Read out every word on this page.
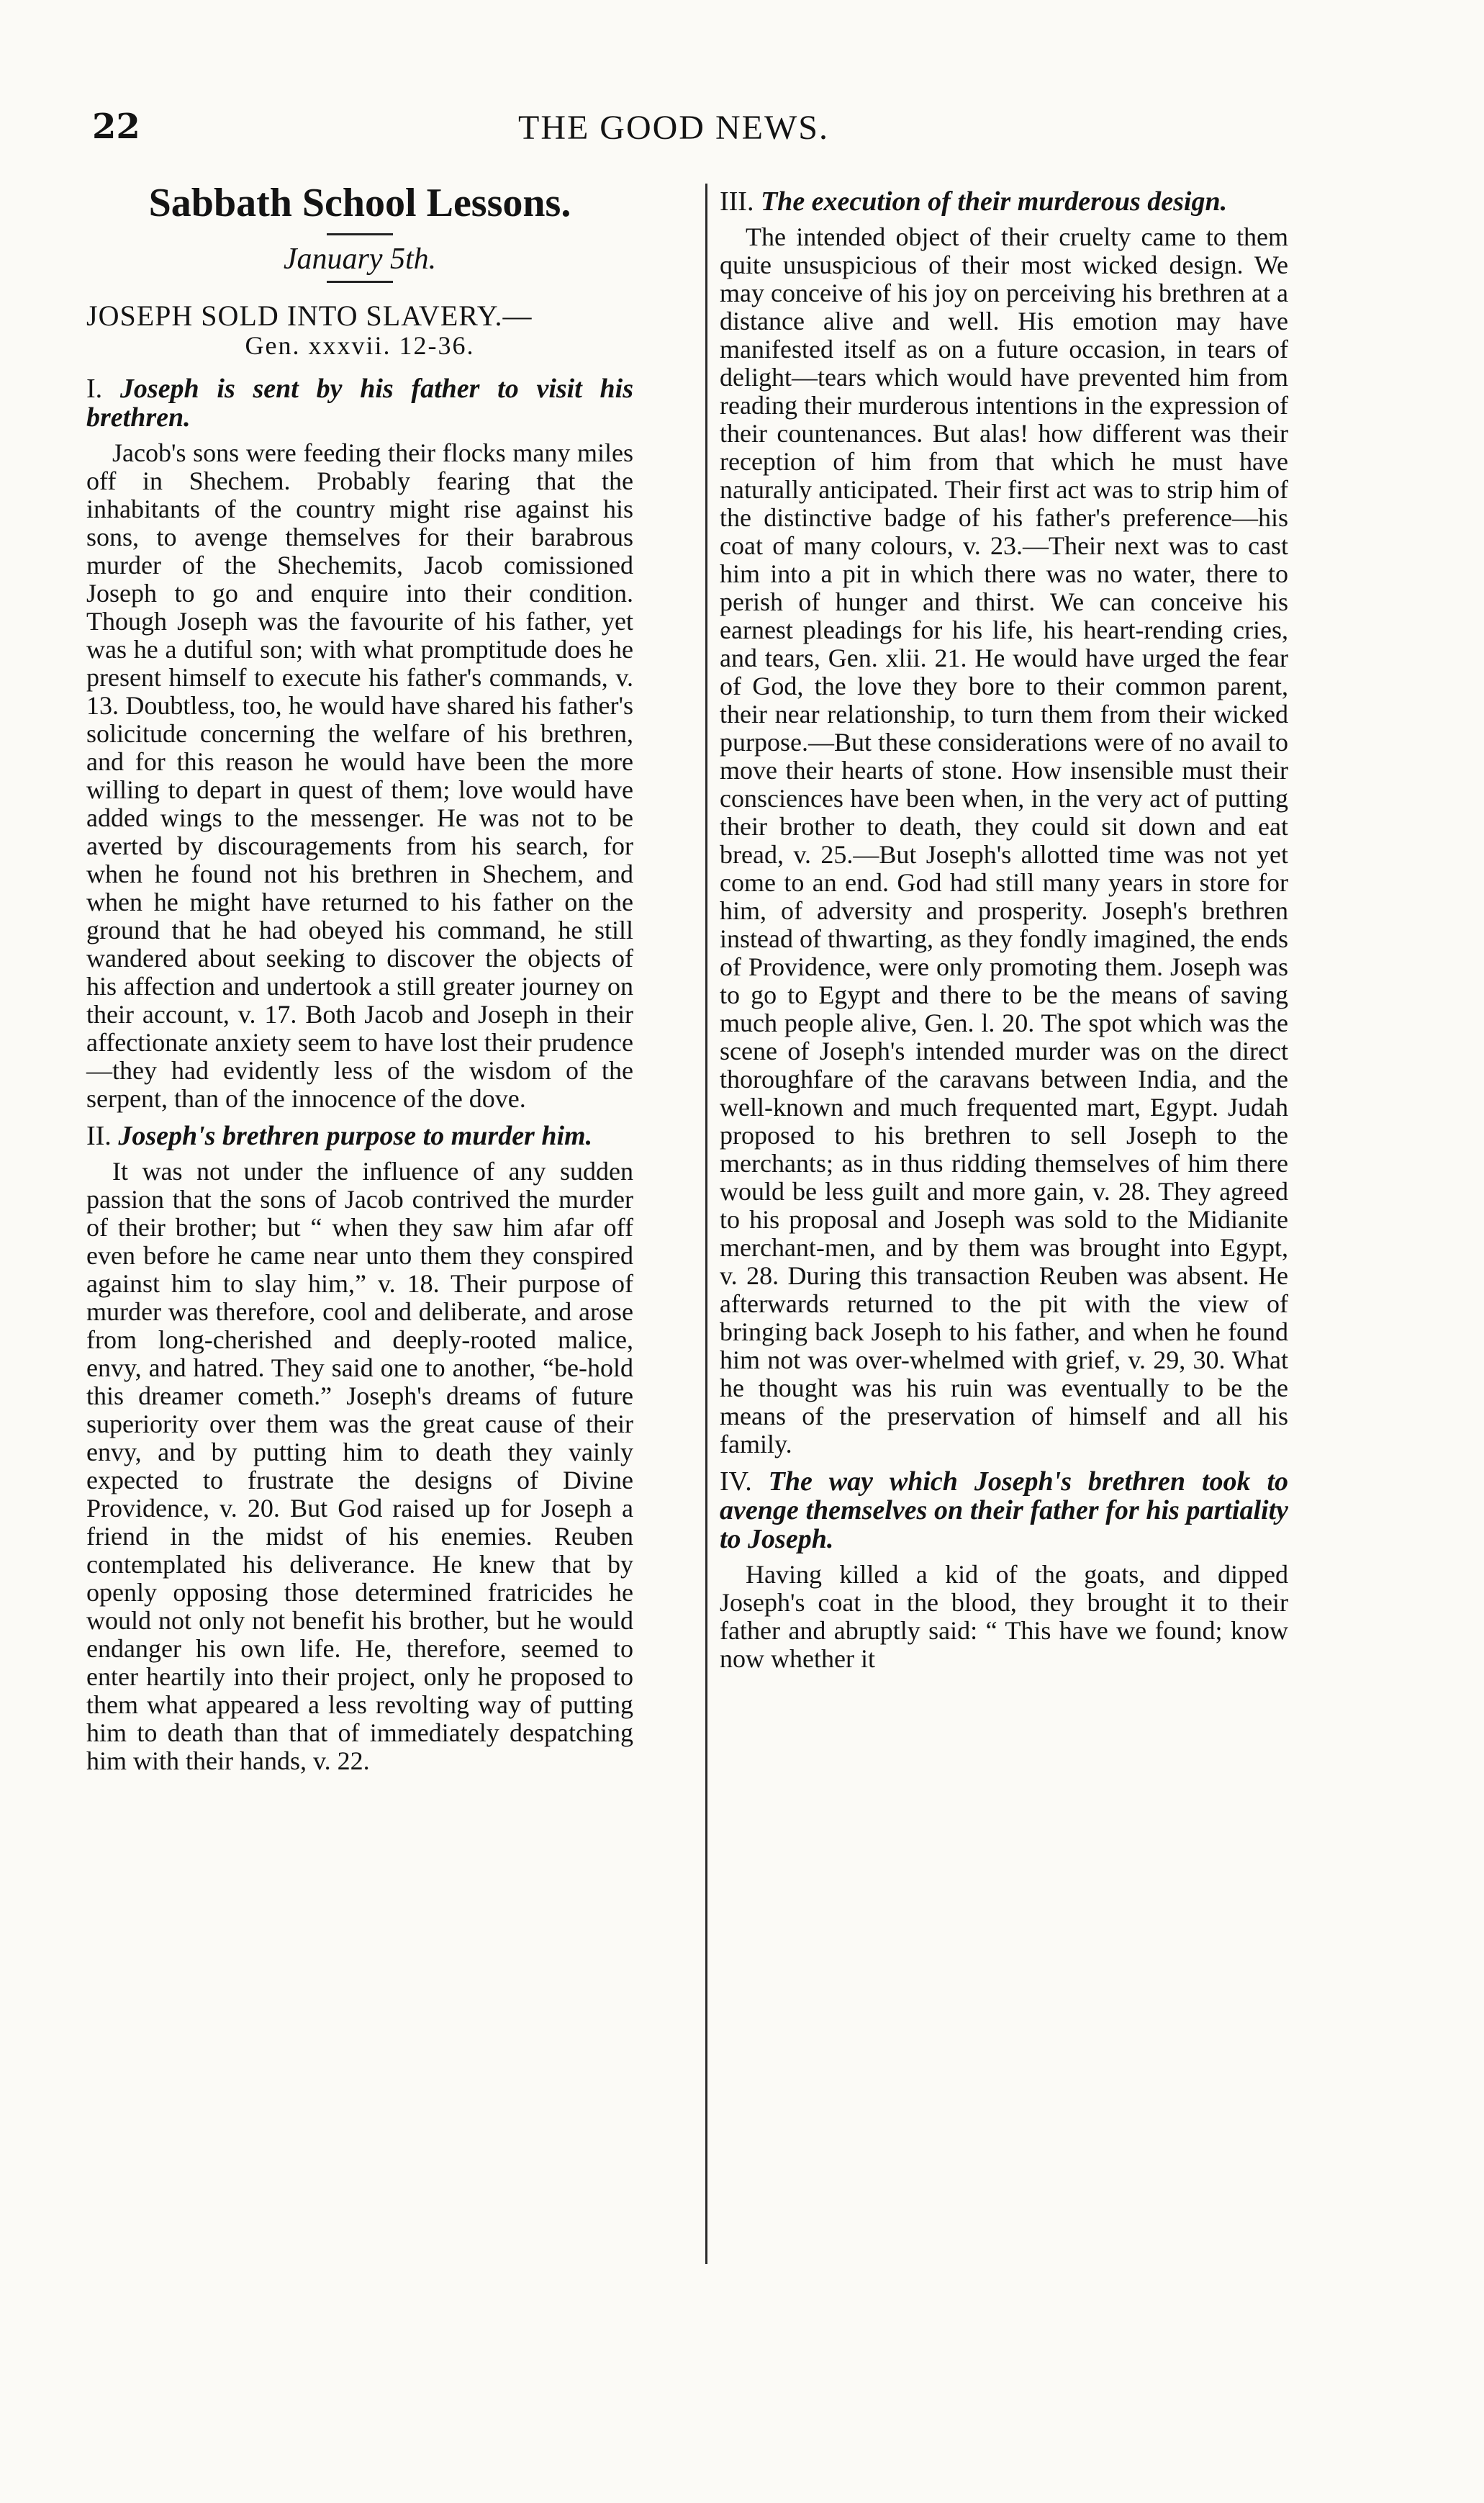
22	THE GOOD NEWS.
Sabbath School Lessons.
January 5th.
JOSEPH SOLD INTO SLAVERY.—
Gen. xxxvii. 12-36.
I. Joseph is sent by his father to visit his brethren.

Jacob's sons were feeding their flocks many miles off in Shechem. Probably fearing that the inhabitants of the country might rise against his sons, to avenge themselves for their barabrous murder of the Shechemits, Jacob comissioned Joseph to go and enquire into their condition. Though Joseph was the favourite of his father, yet was he a dutiful son; with what promptitude does he present himself to execute his father's commands, v. 13. Doubtless, too, he would have shared his father's solicitude concerning the welfare of his brethren, and for this reason he would have been the more willing to depart in quest of them; love would have added wings to the messenger. He was not to be averted by discouragements from his search, for when he found not his brethren in Shechem, and when he might have returned to his father on the ground that he had obeyed his command, he still wandered about seeking to discover the objects of his affection and undertook a still greater journey on their account, v. 17. Both Jacob and Joseph in their affectionate anxiety seem to have lost their prudence—they had evidently less of the wisdom of the serpent, than of the innocence of the dove.

II. Joseph's brethren purpose to murder him.

It was not under the influence of any sudden passion that the sons of Jacob contrived the murder of their brother; but “ when they saw him afar off even before he came near unto them they conspired against him to slay him,” v. 18. Their purpose of murder was therefore, cool and deliberate, and arose from long-cherished and deeply-rooted malice, envy, and hatred. They said one to another, “be-hold this dreamer cometh.” Joseph's dreams of future superiority over them was the great cause of their envy, and by putting him to death they vainly expected to frustrate the designs of Divine Providence, v. 20. But God raised up for Joseph a friend in the midst of his enemies. Reuben contemplated his deliverance. He knew that by openly opposing those determined fratricides he would not only not benefit his brother, but he would endanger his own life. He, therefore, seemed to enter heartily into their project, only he proposed to them what appeared a less revolting way of putting him to death than that of immediately despatching him with their hands, v. 22.

III. The execution of their murderous design.

The intended object of their cruelty came to them quite unsuspicious of their most wicked design. We may conceive of his joy on perceiving his brethren at a distance alive and well. His emotion may have manifested itself as on a future occasion, in tears of delight—tears which would have prevented him from reading their murderous intentions in the expression of their countenances. But alas! how different was their reception of him from that which he must have naturally anticipated. Their first act was to strip him of the distinctive badge of his father's preference—his coat of many colours, v. 23.—Their next was to cast him into a pit in which there was no water, there to perish of hunger and thirst. We can conceive his earnest pleadings for his life, his heart-rending cries, and tears, Gen. xlii. 21. He would have urged the fear of God, the love they bore to their common parent, their near relationship, to turn them from their wicked purpose.—But these considerations were of no avail to move their hearts of stone. How insensible must their consciences have been when, in the very act of putting their brother to death, they could sit down and eat bread, v. 25.—But Joseph's allotted time was not yet come to an end. God had still many years in store for him, of adversity and prosperity. Joseph's brethren instead of thwarting, as they fondly imagined, the ends of Providence, were only promoting them. Joseph was to go to Egypt and there to be the means of saving much people alive, Gen. l. 20. The spot which was the scene of Joseph's intended murder was on the direct thoroughfare of the caravans between India, and the well-known and much frequented mart, Egypt. Judah proposed to his brethren to sell Joseph to the merchants; as in thus ridding themselves of him there would be less guilt and more gain, v. 28. They agreed to his proposal and Joseph was sold to the Midianite merchant-men, and by them was brought into Egypt, v. 28. During this transaction Reuben was absent. He afterwards returned to the pit with the view of bringing back Joseph to his father, and when he found him not was over-whelmed with grief, v. 29, 30. What he thought was his ruin was eventually to be the means of the preservation of himself and all his family.

IV. The way which Joseph's brethren took to avenge themselves on their father for his partiality to Joseph.

Having killed a kid of the goats, and dipped Joseph's coat in the blood, they brought it to their father and abruptly said: “ This have we found; know now whether it
